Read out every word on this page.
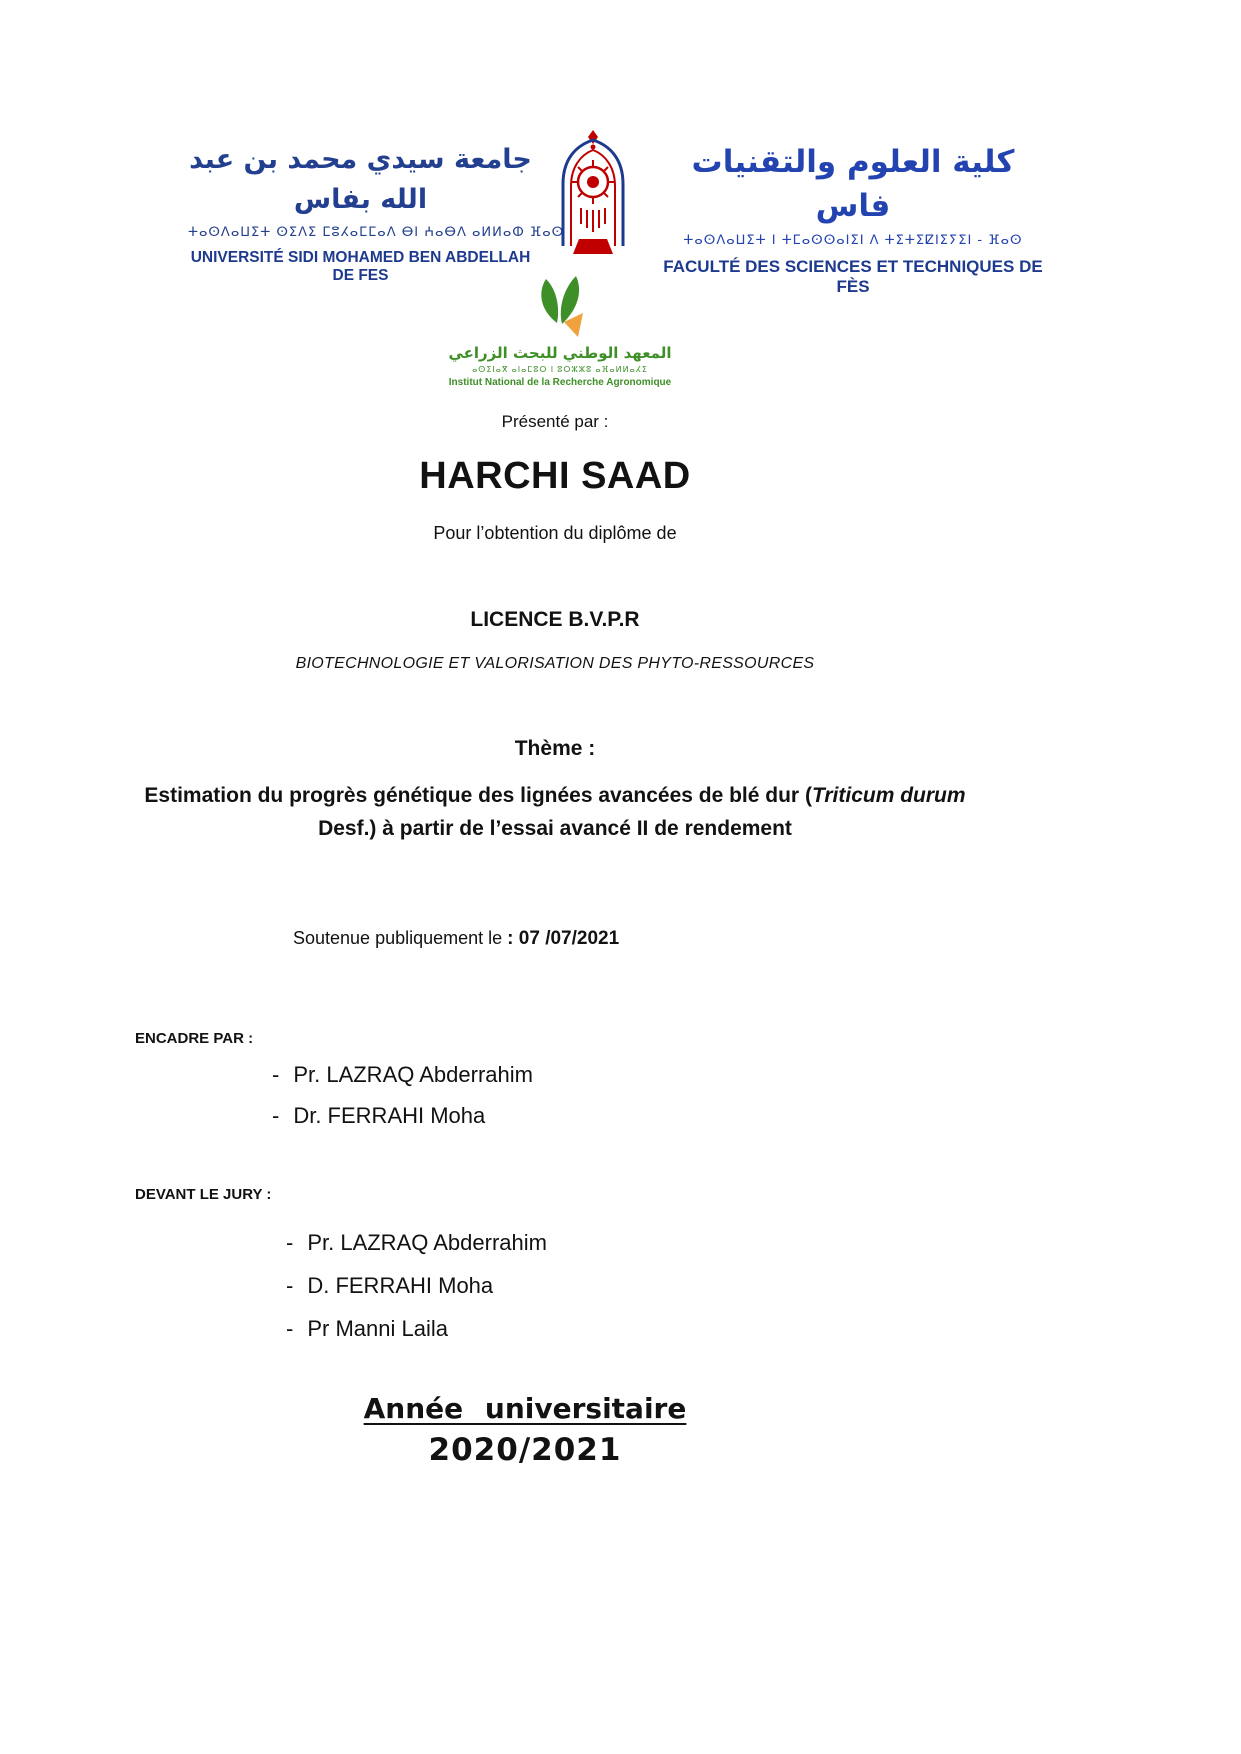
جامعة سيدي محمد بن عبد الله بفاس
ⵜⴰⵙⴷⴰⵡⵉⵜ ⵙⵉⴷⵉ ⵎⵓⵃⴰⵎⵎⴰⴷ ⴱⵏ ⵄⴰⴱⴷ ⴰⵍⵍⴰⵀ ⴼⴰⵙ
UNIVERSITÉ SIDI MOHAMED BEN ABDELLAH DE FES
كلية العلوم والتقنيات فاس
ⵜⴰⵙⴷⴰⵡⵉⵜ ⵏ ⵜⵎⴰⵙⵙⴰⵏⵉⵏ ⴷ ⵜⵉⵜⵉⵇⵏⵉⵢⵉⵏ - ⴼⴰⵙ
FACULTÉ DES SCIENCES ET TECHNIQUES DE FÈS
المعهد الوطني للبحث الزراعي
ⴰⵙⵉⵏⴰⴳ ⴰⵏⴰⵎⵓⵔ ⵏ ⵓⵔⵣⵣⵓ ⴰⴼⴰⵍⵍⴰⵃⵉ
Institut National de la Recherche Agronomique

Présenté par :

HARCHI SAAD

Pour l’obtention du diplôme de

LICENCE B.V.P.R

BIOTECHNOLOGIE ET VALORISATION DES PHYTO-RESSOURCES

Thème :

Estimation du progrès génétique des lignées avancées de blé dur (Triticum durum Desf.) à partir de l’essai avancé II de rendement

Soutenue publiquement le : 07 /07/2021

ENCADRE PAR :

- Pr. LAZRAQ Abderrahim
- Dr. FERRAHI Moha

DEVANT LE JURY :

- Pr. LAZRAQ Abderrahim
- D. FERRAHI Moha
- Pr Manni Laila

Année universitaire

2020/2021
